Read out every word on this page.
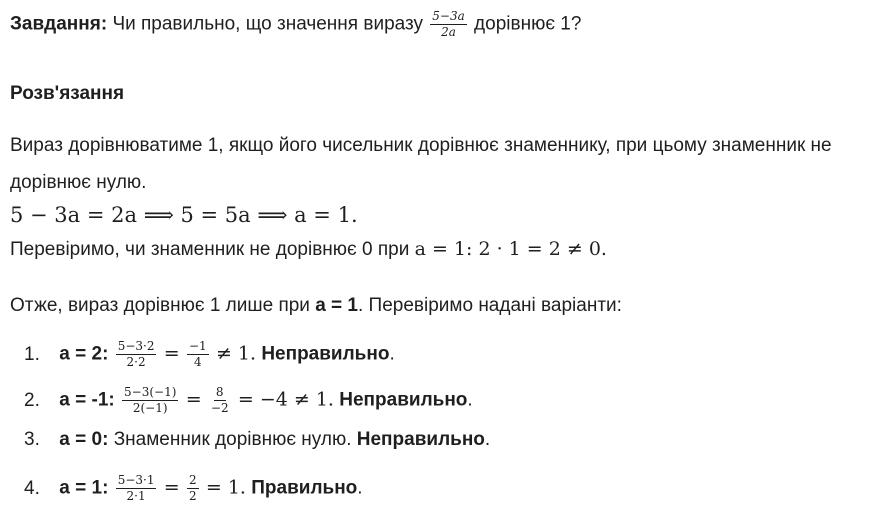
Завдання: Чи правильно, що значення виразу $\frac{5-3a}{2a}$ дорівнює 1?
Розв'язання
Вираз дорівнюватиме 1, якщо його чисельник дорівнює знаменнику, при цьому знаменник не
дорівнює нулю.
5 − 3a = 2a ⟹ 5 = 5a ⟹ a = 1.
Перевіримо, чи знаменник не дорівнює 0 при a = 1: 2 · 1 = 2 ≠ 0.
Отже, вираз дорівнює 1 лише при a = 1. Перевіримо надані варіанти:
1. a = 2: $\frac{5-3\cdot 2}{2\cdot 2} = \frac{-1}{4} \ne 1$. Неправильно.
2. a = -1: $\frac{5-3(-1)}{2(-1)} = \frac{8}{-2} = -4 \ne 1$. Неправильно.
3. a = 0: Знаменник дорівнює нулю. Неправильно.
4. a = 1: $\frac{5-3\cdot 1}{2\cdot 1} = \frac{2}{2} = 1$. Правильно.
